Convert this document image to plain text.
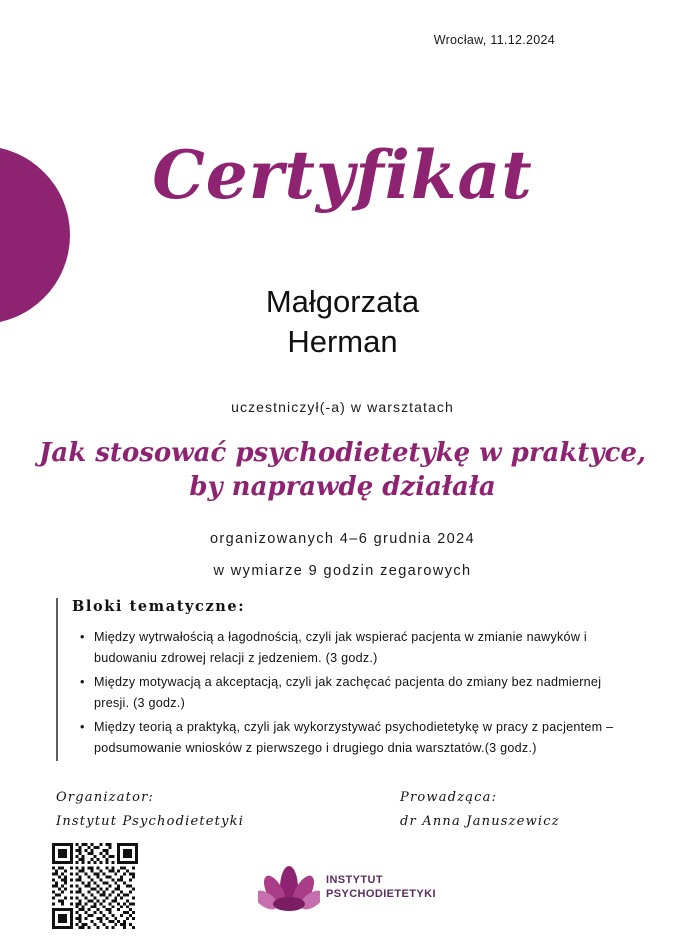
Wrocław, 11.12.2024
Certyfikat
Małgorzata
Herman
uczestniczył(-a) w warsztatach
Jak stosować psychodietetykę w praktyce,
by naprawdę działała
organizowanych 4–6 grudnia 2024
w wymiarze 9 godzin zegarowych
Bloki tematyczne:
• Między wytrwałością a łagodnością, czyli jak wspierać pacjenta w zmianie nawyków i budowaniu zdrowej relacji z jedzeniem. (3 godz.)
• Między motywacją a akceptacją, czyli jak zachęcać pacjenta do zmiany bez nadmiernej presji. (3 godz.)
• Między teorią a praktyką, czyli jak wykorzystywać psychodietetykę w pracy z pacjentem – podsumowanie wniosków z pierwszego i drugiego dnia warsztatów.(3 godz.)
Organizator:
Instytut Psychodietetyki
Prowadząca:
dr Anna Januszewicz
INSTYTUT
PSYCHODIETETYKI
